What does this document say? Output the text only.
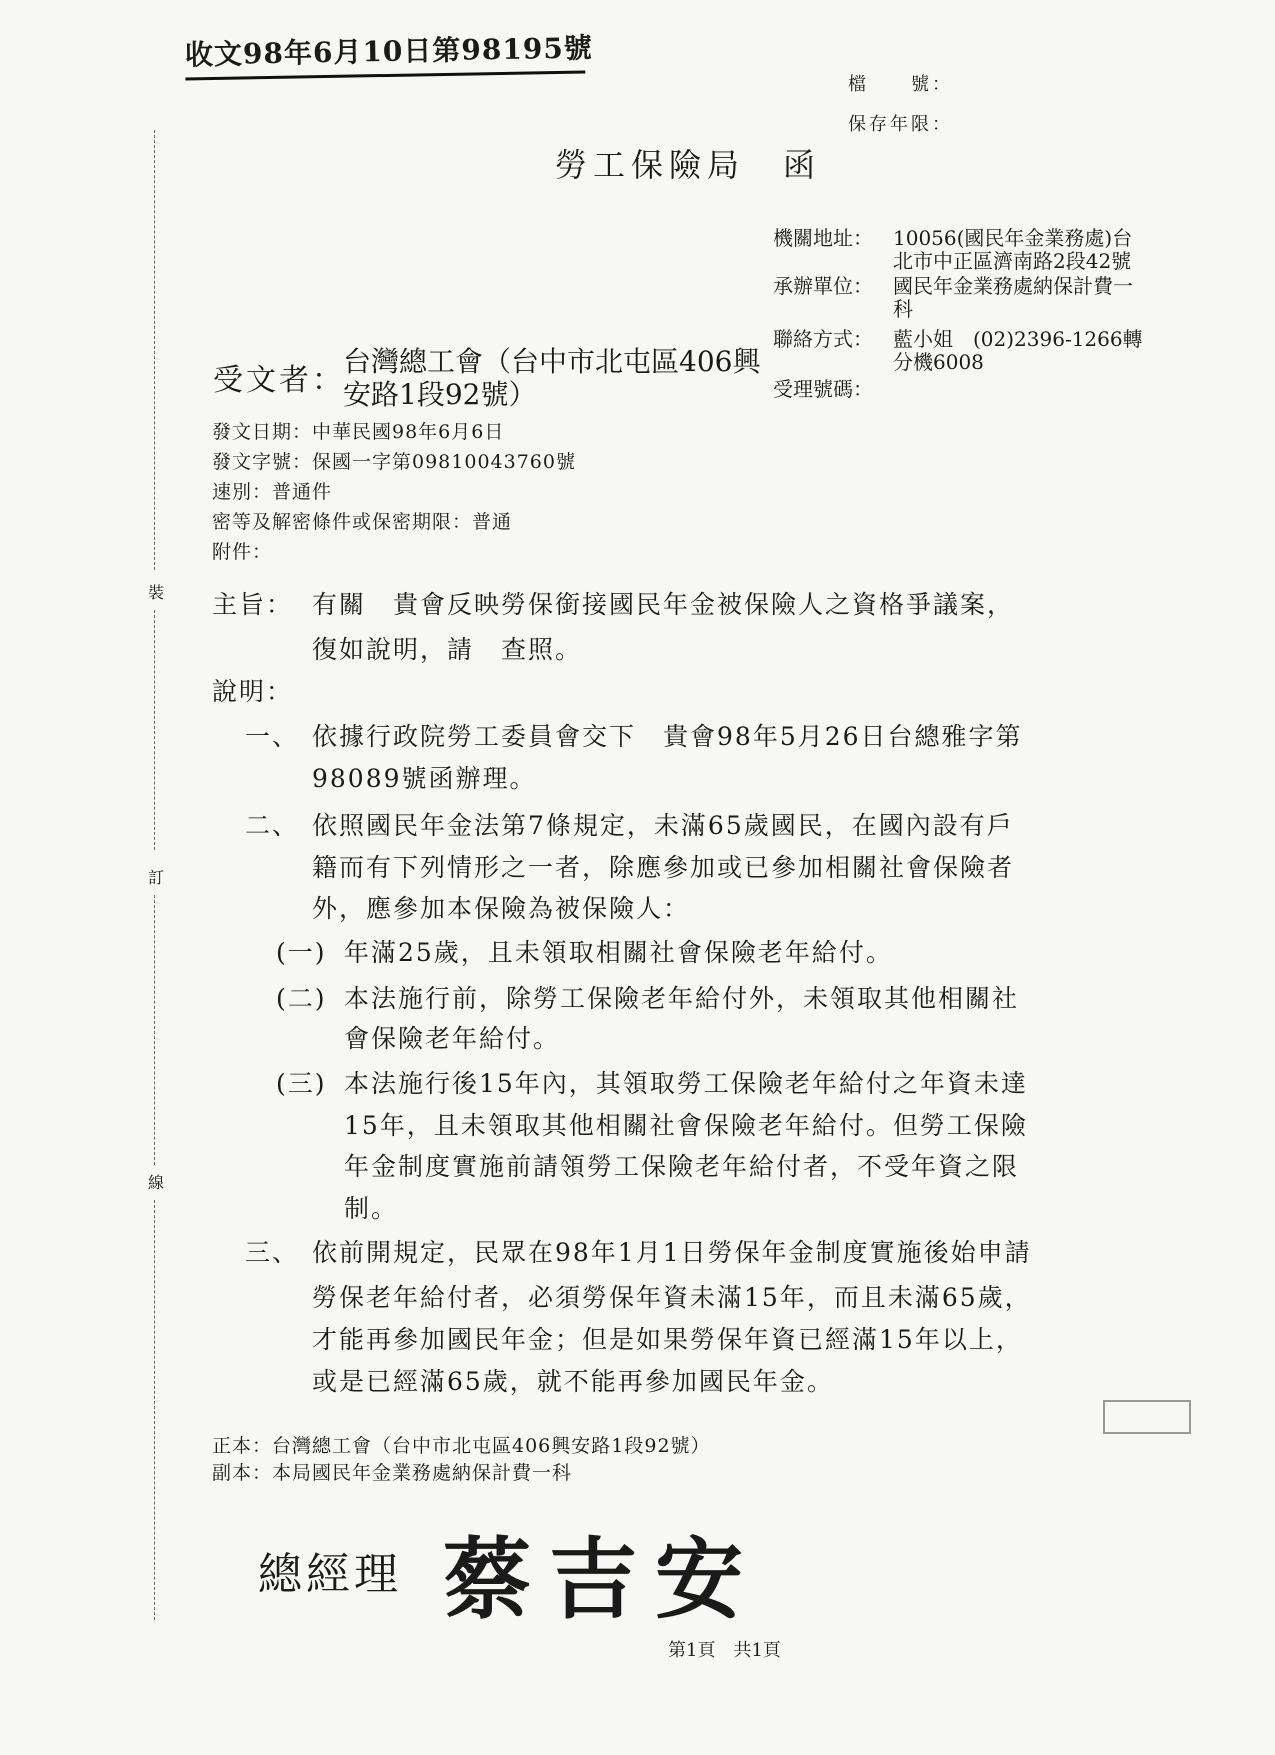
收文98年6月10日第98195號
檔　　號：
保存年限：
勞工保險局　函
機關地址： 10056(國民年金業務處)台
北市中正區濟南路2段42號
承辦單位： 國民年金業務處納保計費一
科
聯絡方式： 藍小姐　(02)2396-1266轉
分機6008
受理號碼：
受文者：
台灣總工會（台中市北屯區406興安路1段92號）
發文日期：中華民國98年6月6日
發文字號：保國一字第09810043760號
速別：普通件
密等及解密條件或保密期限：普通
附件：
裝
訂
線
主旨： 有關　貴會反映勞保銜接國民年金被保險人之資格爭議案，
復如說明，請　查照。
說明：
一、 依據行政院勞工委員會交下　貴會98年5月26日台總雅字第
98089號函辦理。
二、 依照國民年金法第7條規定，未滿65歲國民，在國內設有戶
籍而有下列情形之一者，除應參加或已參加相關社會保險者
外，應參加本保險為被保險人：
(一) 年滿25歲，且未領取相關社會保險老年給付。
(二) 本法施行前，除勞工保險老年給付外，未領取其他相關社
會保險老年給付。
(三) 本法施行後15年內，其領取勞工保險老年給付之年資未達
15年，且未領取其他相關社會保險老年給付。但勞工保險
年金制度實施前請領勞工保險老年給付者，不受年資之限
制。
三、 依前開規定，民眾在98年1月1日勞保年金制度實施後始申請
勞保老年給付者，必須勞保年資未滿15年，而且未滿65歲，
才能再參加國民年金；但是如果勞保年資已經滿15年以上，
或是已經滿65歲，就不能再參加國民年金。
正本：台灣總工會（台中市北屯區406興安路1段92號）
副本：本局國民年金業務處納保計費一科
總經理 蔡吉安
第1頁　共1頁
